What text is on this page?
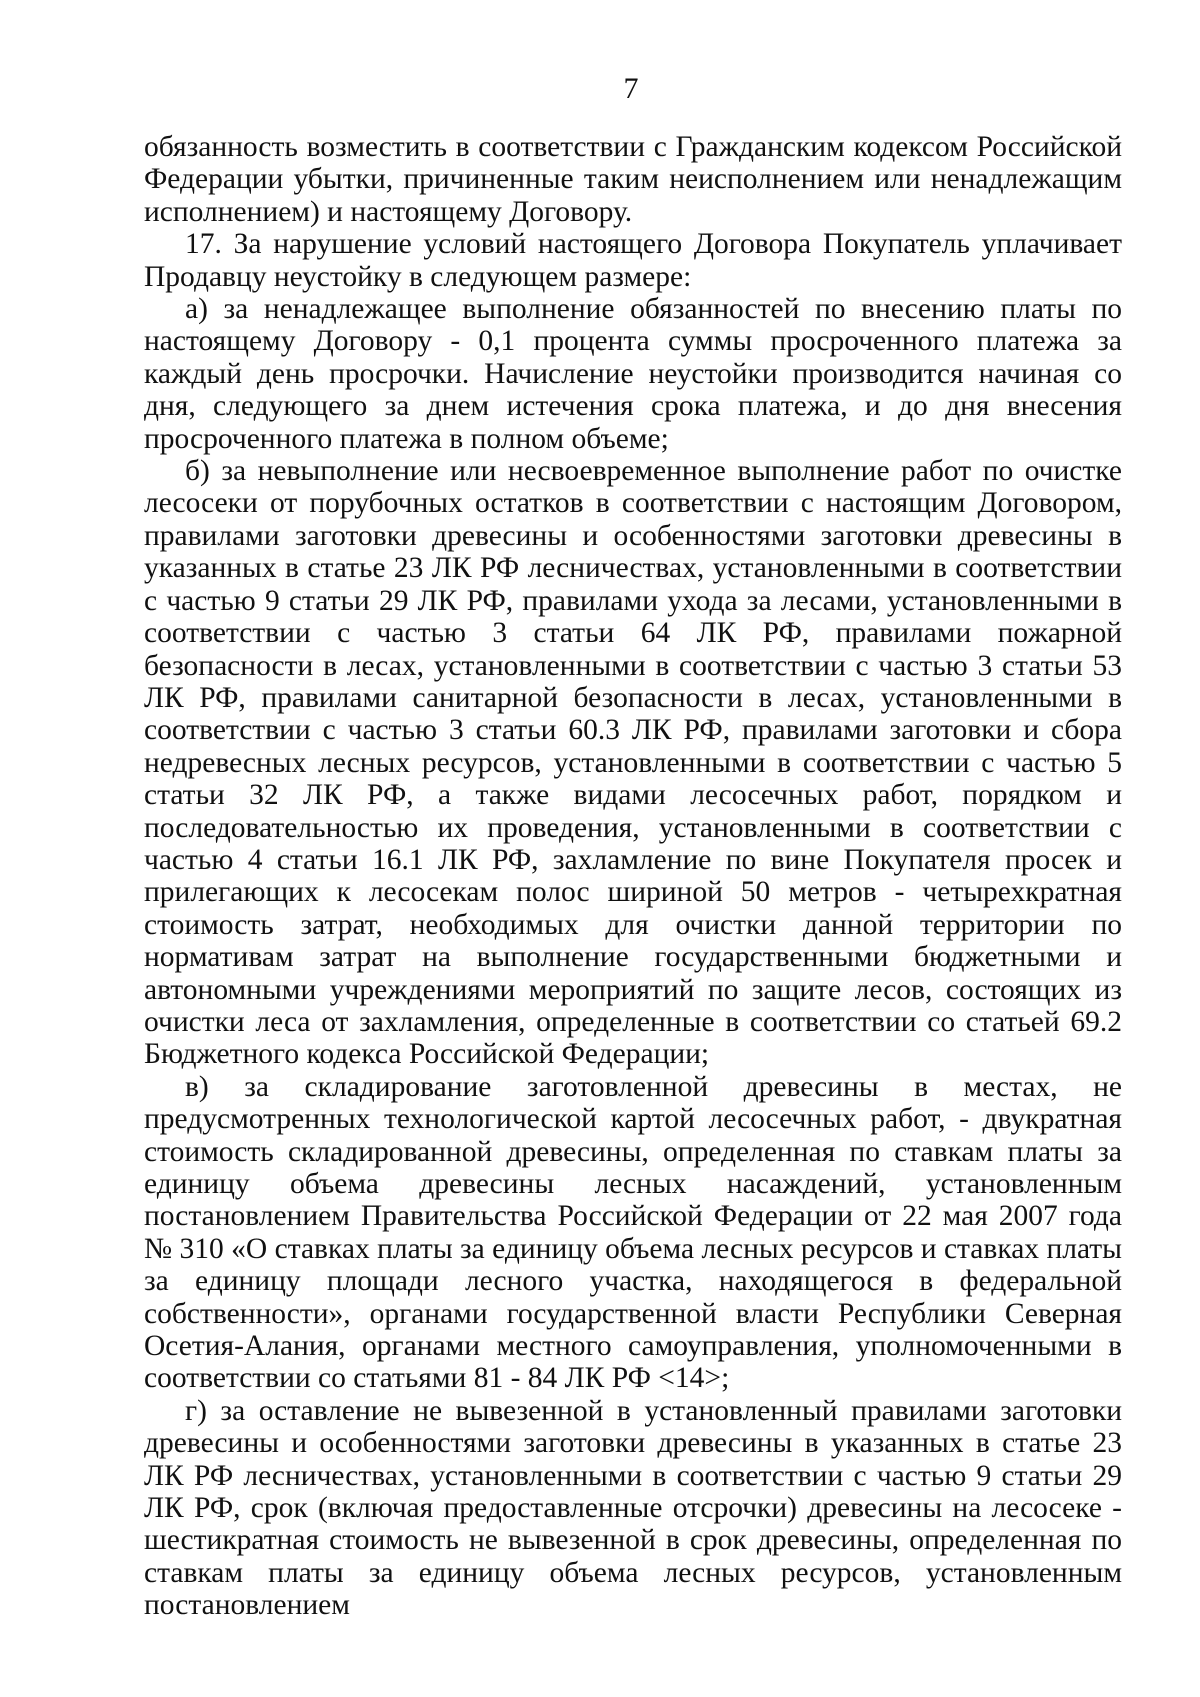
7

обязанность возместить в соответствии с Гражданским кодексом Российской Федерации убытки, причиненные таким неисполнением или ненадлежащим исполнением) и настоящему Договору.

17. За нарушение условий настоящего Договора Покупатель уплачивает Продавцу неустойку в следующем размере:

а) за ненадлежащее выполнение обязанностей по внесению платы по настоящему Договору - 0,1 процента суммы просроченного платежа за каждый день просрочки. Начисление неустойки производится начиная со дня, следующего за днем истечения срока платежа, и до дня внесения просроченного платежа в полном объеме;

б) за невыполнение или несвоевременное выполнение работ по очистке лесосеки от порубочных остатков в соответствии с настоящим Договором, правилами заготовки древесины и особенностями заготовки древесины в указанных в статье 23 ЛК РФ лесничествах, установленными в соответствии с частью 9 статьи 29 ЛК РФ, правилами ухода за лесами, установленными в соответствии с частью 3 статьи 64 ЛК РФ, правилами пожарной безопасности в лесах, установленными в соответствии с частью 3 статьи 53 ЛК РФ, правилами санитарной безопасности в лесах, установленными в соответствии с частью 3 статьи 60.3 ЛК РФ, правилами заготовки и сбора недревесных лесных ресурсов, установленными в соответствии с частью 5 статьи 32 ЛК РФ, а также видами лесосечных работ, порядком и последовательностью их проведения, установленными в соответствии с частью 4 статьи 16.1 ЛК РФ, захламление по вине Покупателя просек и прилегающих к лесосекам полос шириной 50 метров - четырехкратная стоимость затрат, необходимых для очистки данной территории по нормативам затрат на выполнение государственными бюджетными и автономными учреждениями мероприятий по защите лесов, состоящих из очистки леса от захламления, определенные в соответствии со статьей 69.2 Бюджетного кодекса Российской Федерации;

в) за складирование заготовленной древесины в местах, не предусмотренных технологической картой лесосечных работ, - двукратная стоимость складированной древесины, определенная по ставкам платы за единицу объема древесины лесных насаждений, установленным постановлением Правительства Российской Федерации от 22 мая 2007 года № 310 «О ставках платы за единицу объема лесных ресурсов и ставках платы за единицу площади лесного участка, находящегося в федеральной собственности», органами государственной власти Республики Северная Осетия-Алания, органами местного самоуправления, уполномоченными в соответствии со статьями 81 - 84 ЛК РФ <14>;

г) за оставление не вывезенной в установленный правилами заготовки древесины и особенностями заготовки древесины в указанных в статье 23 ЛК РФ лесничествах, установленными в соответствии с частью 9 статьи 29 ЛК РФ, срок (включая предоставленные отсрочки) древесины на лесосеке - шестикратная стоимость не вывезенной в срок древесины, определенная по ставкам платы за единицу объема лесных ресурсов, установленным постановлением
